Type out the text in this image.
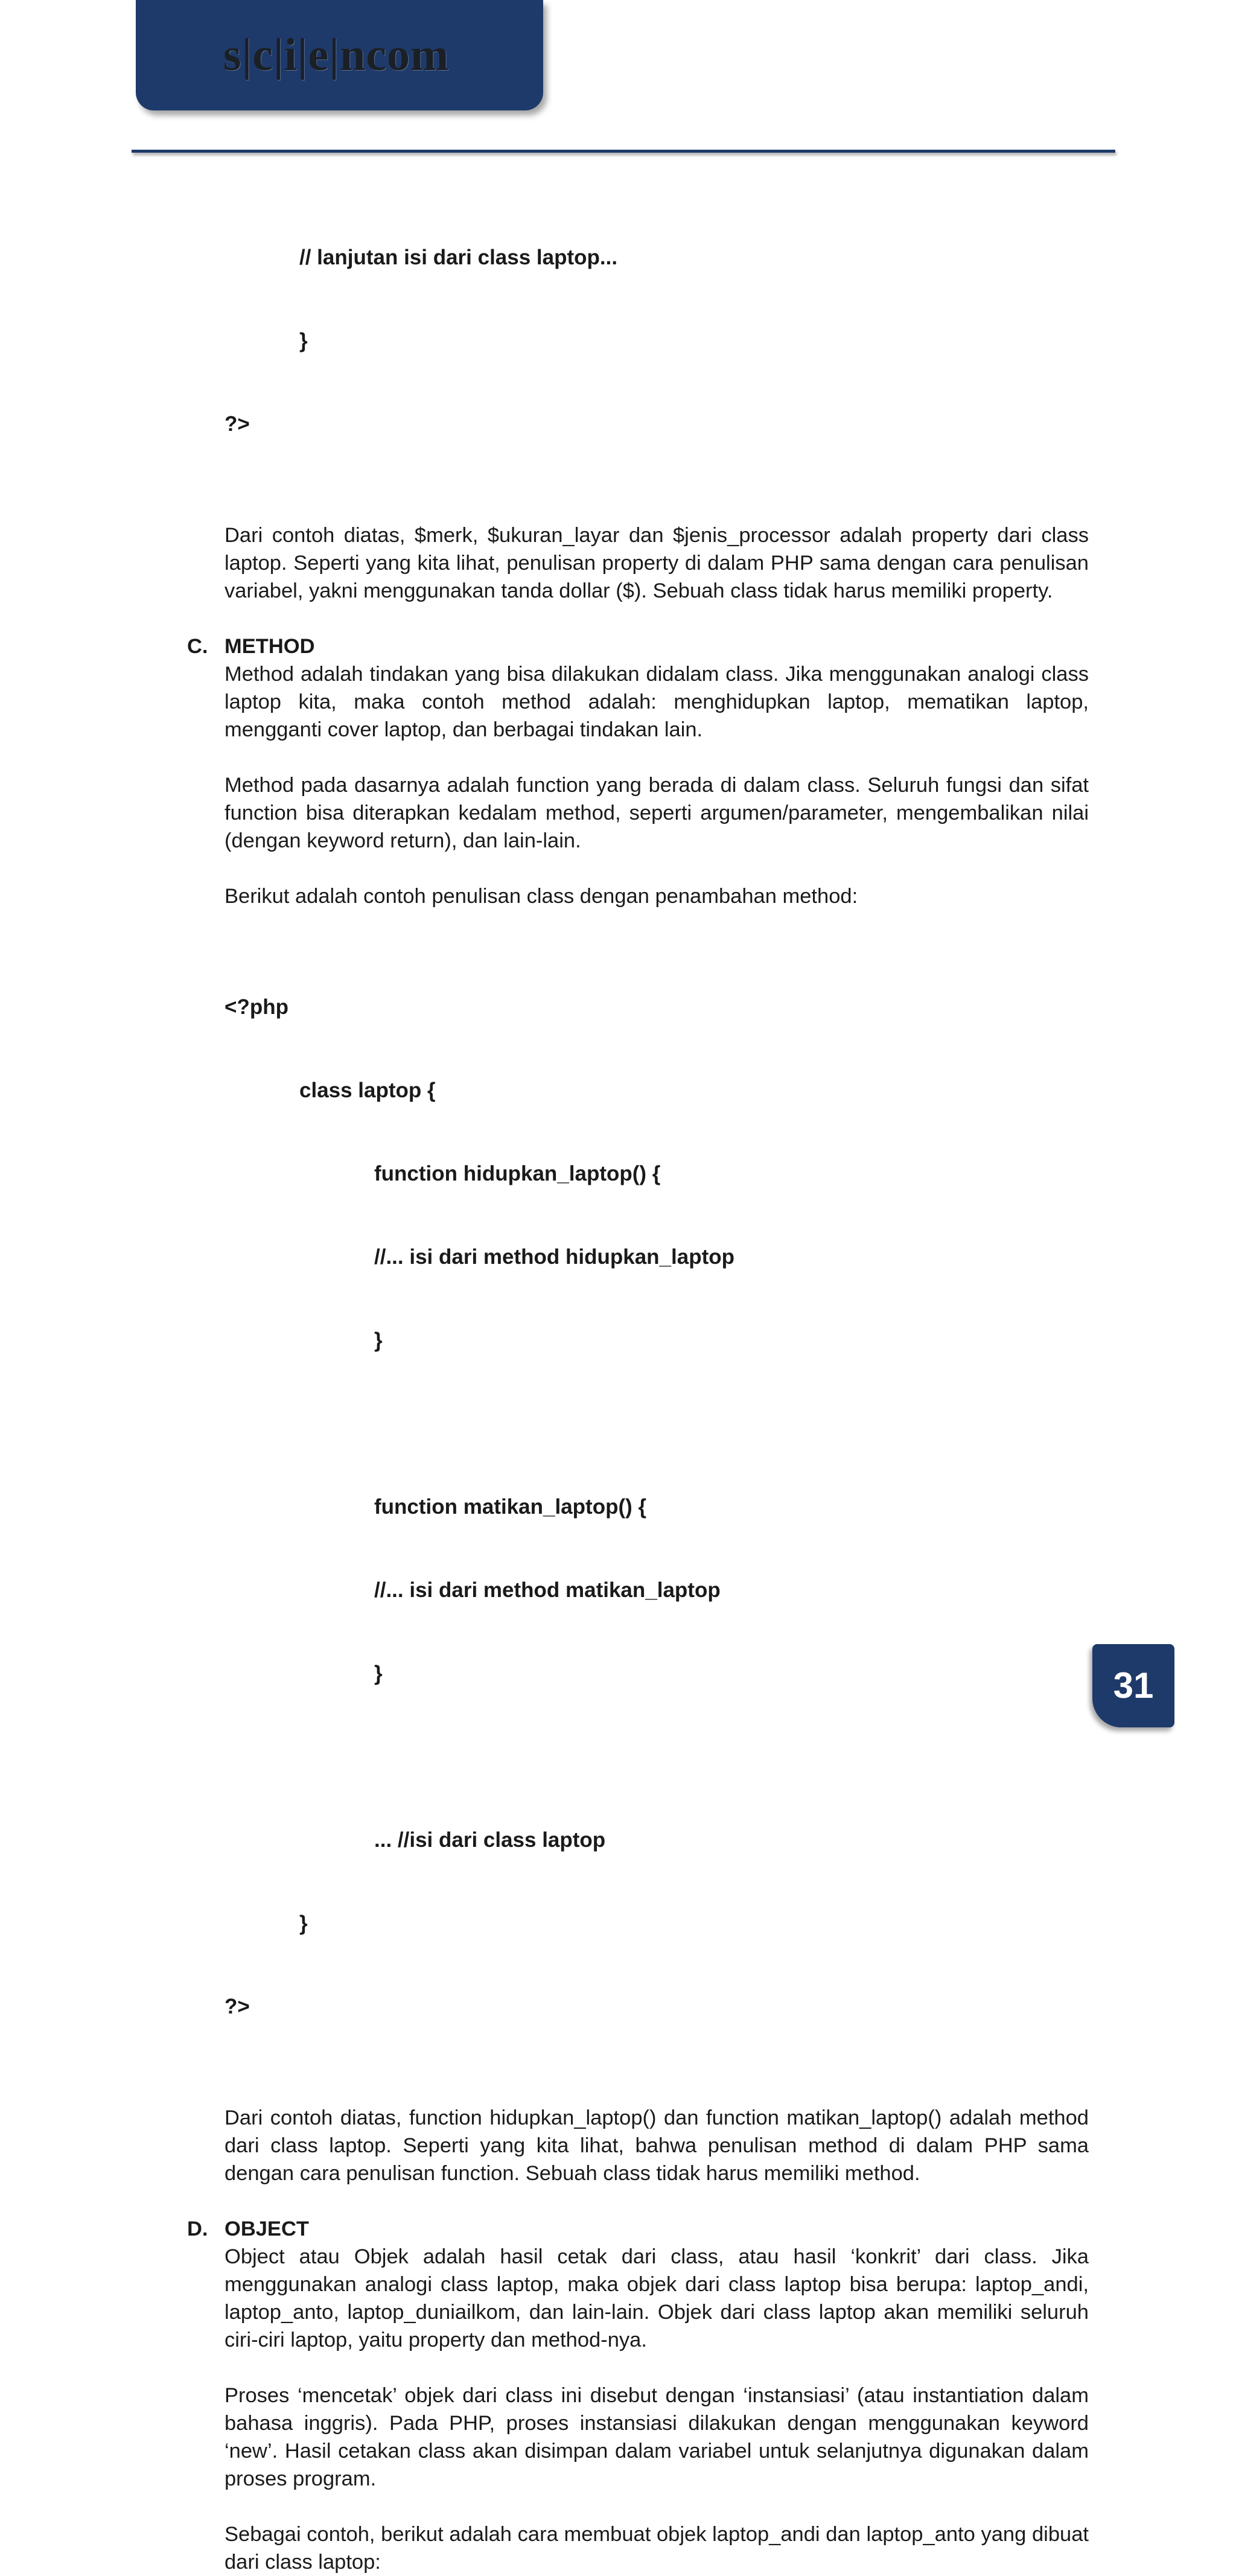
s|c|i|e|ncom

// lanjutan isi dari class laptop...

}

?>

Dari contoh diatas, $merk, $ukuran_layar dan $jenis_processor adalah property dari class laptop. Seperti yang kita lihat, penulisan property di dalam PHP sama dengan cara penulisan variabel, yakni menggunakan tanda dollar ($). Sebuah class tidak harus memiliki property.

C. METHOD

Method adalah tindakan yang bisa dilakukan didalam class. Jika menggunakan analogi class laptop kita, maka contoh method adalah: menghidupkan laptop, mematikan laptop, mengganti cover laptop, dan berbagai tindakan lain.

Method pada dasarnya adalah function yang berada di dalam class. Seluruh fungsi dan sifat function bisa diterapkan kedalam method, seperti argumen/parameter, mengembalikan nilai (dengan keyword return), dan lain-lain.

Berikut adalah contoh penulisan class dengan penambahan method:

<?php

class laptop {

function hidupkan_laptop() {

//... isi dari method hidupkan_laptop

}

function matikan_laptop() {

//... isi dari method matikan_laptop

}

... //isi dari class laptop

}

?>

Dari contoh diatas, function hidupkan_laptop() dan function matikan_laptop() adalah method dari class laptop. Seperti yang kita lihat, bahwa penulisan method di dalam PHP sama dengan cara penulisan function. Sebuah class tidak harus memiliki method.

D. OBJECT

Object atau Objek adalah hasil cetak dari class, atau hasil ‘konkrit’ dari class. Jika menggunakan analogi class laptop, maka objek dari class laptop bisa berupa: laptop_andi, laptop_anto, laptop_duniailkom, dan lain-lain. Objek dari class laptop akan memiliki seluruh ciri-ciri laptop, yaitu property dan method-nya.

Proses ‘mencetak’ objek dari class ini disebut dengan ‘instansiasi’ (atau instantiation dalam bahasa inggris). Pada PHP, proses instansiasi dilakukan dengan menggunakan keyword ‘new’. Hasil cetakan class akan disimpan dalam variabel untuk selanjutnya digunakan dalam proses program.

Sebagai contoh, berikut adalah cara membuat objek laptop_andi dan laptop_anto yang dibuat dari class laptop:

31
